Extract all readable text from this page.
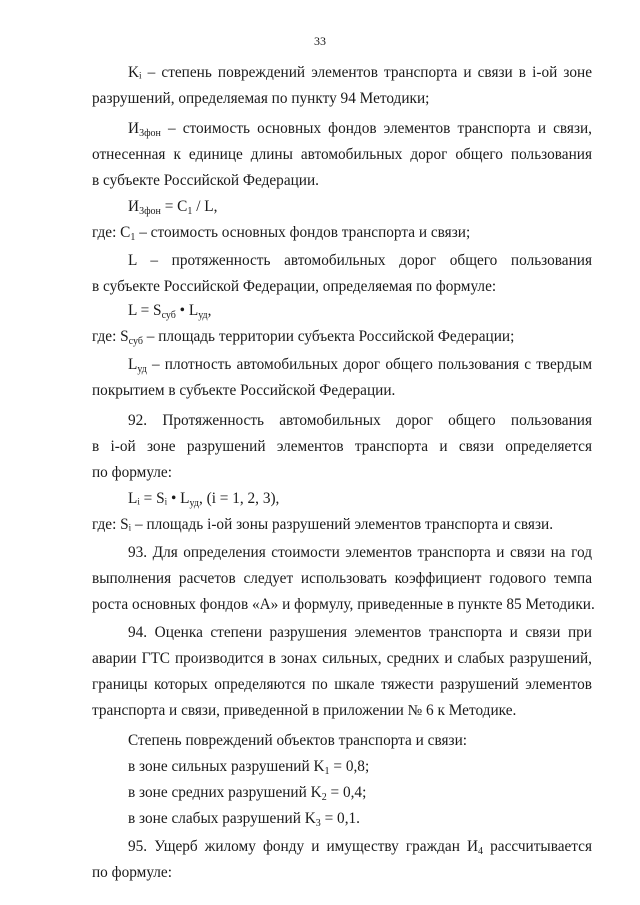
33
Kᵢ – степень повреждений элементов транспорта и связи в i-ой зоне
разрушений, определяемая по пункту 94 Методики;
$И_{3фон}$ – стоимость основных фондов элементов транспорта и связи,
отнесенная к единице длины автомобильных дорог общего пользования
в субъекте Российской Федерации.
$И_{3фон} = C_1 / L$,
где: $C_1$ – стоимость основных фондов транспорта и связи;
L – протяженность автомобильных дорог общего пользования
в субъекте Российской Федерации, определяемая по формуле:
$L = S_{суб}$ • $L_{уд}$,
где: $S_{суб}$ – площадь территории субъекта Российской Федерации;
$L_{уд}$ – плотность автомобильных дорог общего пользования с твердым
покрытием в субъекте Российской Федерации.
92. Протяженность автомобильных дорог общего пользования
в i-ой зоне разрушений элементов транспорта и связи определяется
по формуле:
Lᵢ = Sᵢ • $L_{уд}$, (i = 1, 2, 3),
где: Sᵢ – площадь i-ой зоны разрушений элементов транспорта и связи.
93. Для определения стоимости элементов транспорта и связи на год
выполнения расчетов следует использовать коэффициент годового темпа
роста основных фондов «А» и формулу, приведенные в пункте 85 Методики.
94. Оценка степени разрушения элементов транспорта и связи при
аварии ГТС производится в зонах сильных, средних и слабых разрушений,
границы которых определяются по шкале тяжести разрушений элементов
транспорта и связи, приведенной в приложении № 6 к Методике.
Степень повреждений объектов транспорта и связи:
в зоне сильных разрушений $K_1 = 0,8$;
в зоне средних разрушений $K_2 = 0,4$;
в зоне слабых разрушений $K_3 = 0,1$.
95. Ущерб жилому фонду и имуществу граждан $И_4$ рассчитывается
по формуле:
